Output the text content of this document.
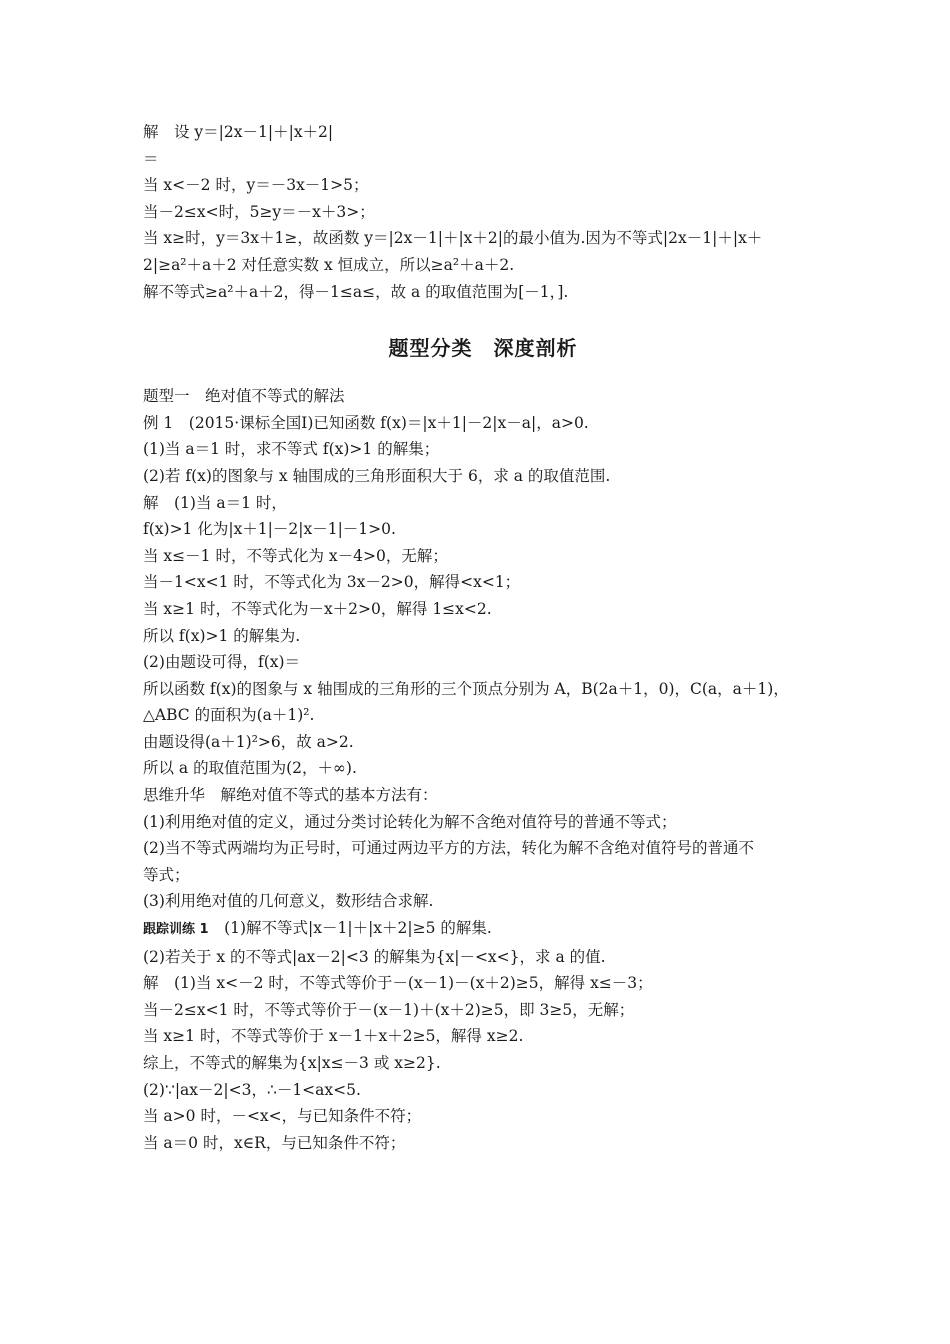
解　设 y＝|2x－1|＋|x＋2|

＝

当 x<－2 时，y＝－3x－1>5；

当－2≤x<时，5≥y＝－x＋3>；

当 x≥时，y＝3x＋1≥，故函数 y＝|2x－1|＋|x＋2|的最小值为.因为不等式|2x－1|＋|x＋

2|≥a²＋a＋2 对任意实数 x 恒成立，所以≥a²＋a＋2.

解不等式≥a²＋a＋2，得－1≤a≤，故 a 的取值范围为[－1，].

题型分类　深度剖析

题型一　绝对值不等式的解法

例 1　(2015·课标全国Ⅰ)已知函数 f(x)＝|x＋1|－2|x－a|，a>0.

(1)当 a＝1 时，求不等式 f(x)>1 的解集；

(2)若 f(x)的图象与 x 轴围成的三角形面积大于 6，求 a 的取值范围.

解　(1)当 a＝1 时，

f(x)>1 化为|x＋1|－2|x－1|－1>0.

当 x≤－1 时，不等式化为 x－4>0，无解；

当－1<x<1 时，不等式化为 3x－2>0，解得<x<1；

当 x≥1 时，不等式化为－x＋2>0，解得 1≤x<2.

所以 f(x)>1 的解集为.

(2)由题设可得，f(x)＝

所以函数 f(x)的图象与 x 轴围成的三角形的三个顶点分别为 A，B(2a＋1，0)，C(a，a＋1)，

△ABC 的面积为(a＋1)².

由题设得(a＋1)²>6，故 a>2.

所以 a 的取值范围为(2，＋∞).

思维升华　解绝对值不等式的基本方法有：

(1)利用绝对值的定义，通过分类讨论转化为解不含绝对值符号的普通不等式；

(2)当不等式两端均为正号时，可通过两边平方的方法，转化为解不含绝对值符号的普通不

等式；

(3)利用绝对值的几何意义，数形结合求解.

跟踪训练 1　(1)解不等式|x－1|＋|x＋2|≥5 的解集.

(2)若关于 x 的不等式|ax－2|<3 的解集为{x|－<x<}，求 a 的值.

解　(1)当 x<－2 时，不等式等价于－(x－1)－(x＋2)≥5，解得 x≤－3；

当－2≤x<1 时，不等式等价于－(x－1)＋(x＋2)≥5，即 3≥5，无解；

当 x≥1 时，不等式等价于 x－1＋x＋2≥5，解得 x≥2.

综上，不等式的解集为{x|x≤－3 或 x≥2}.

(2)∵|ax－2|<3，∴－1<ax<5.

当 a>0 时，－<x<，与已知条件不符；

当 a＝0 时，x∈R，与已知条件不符；
